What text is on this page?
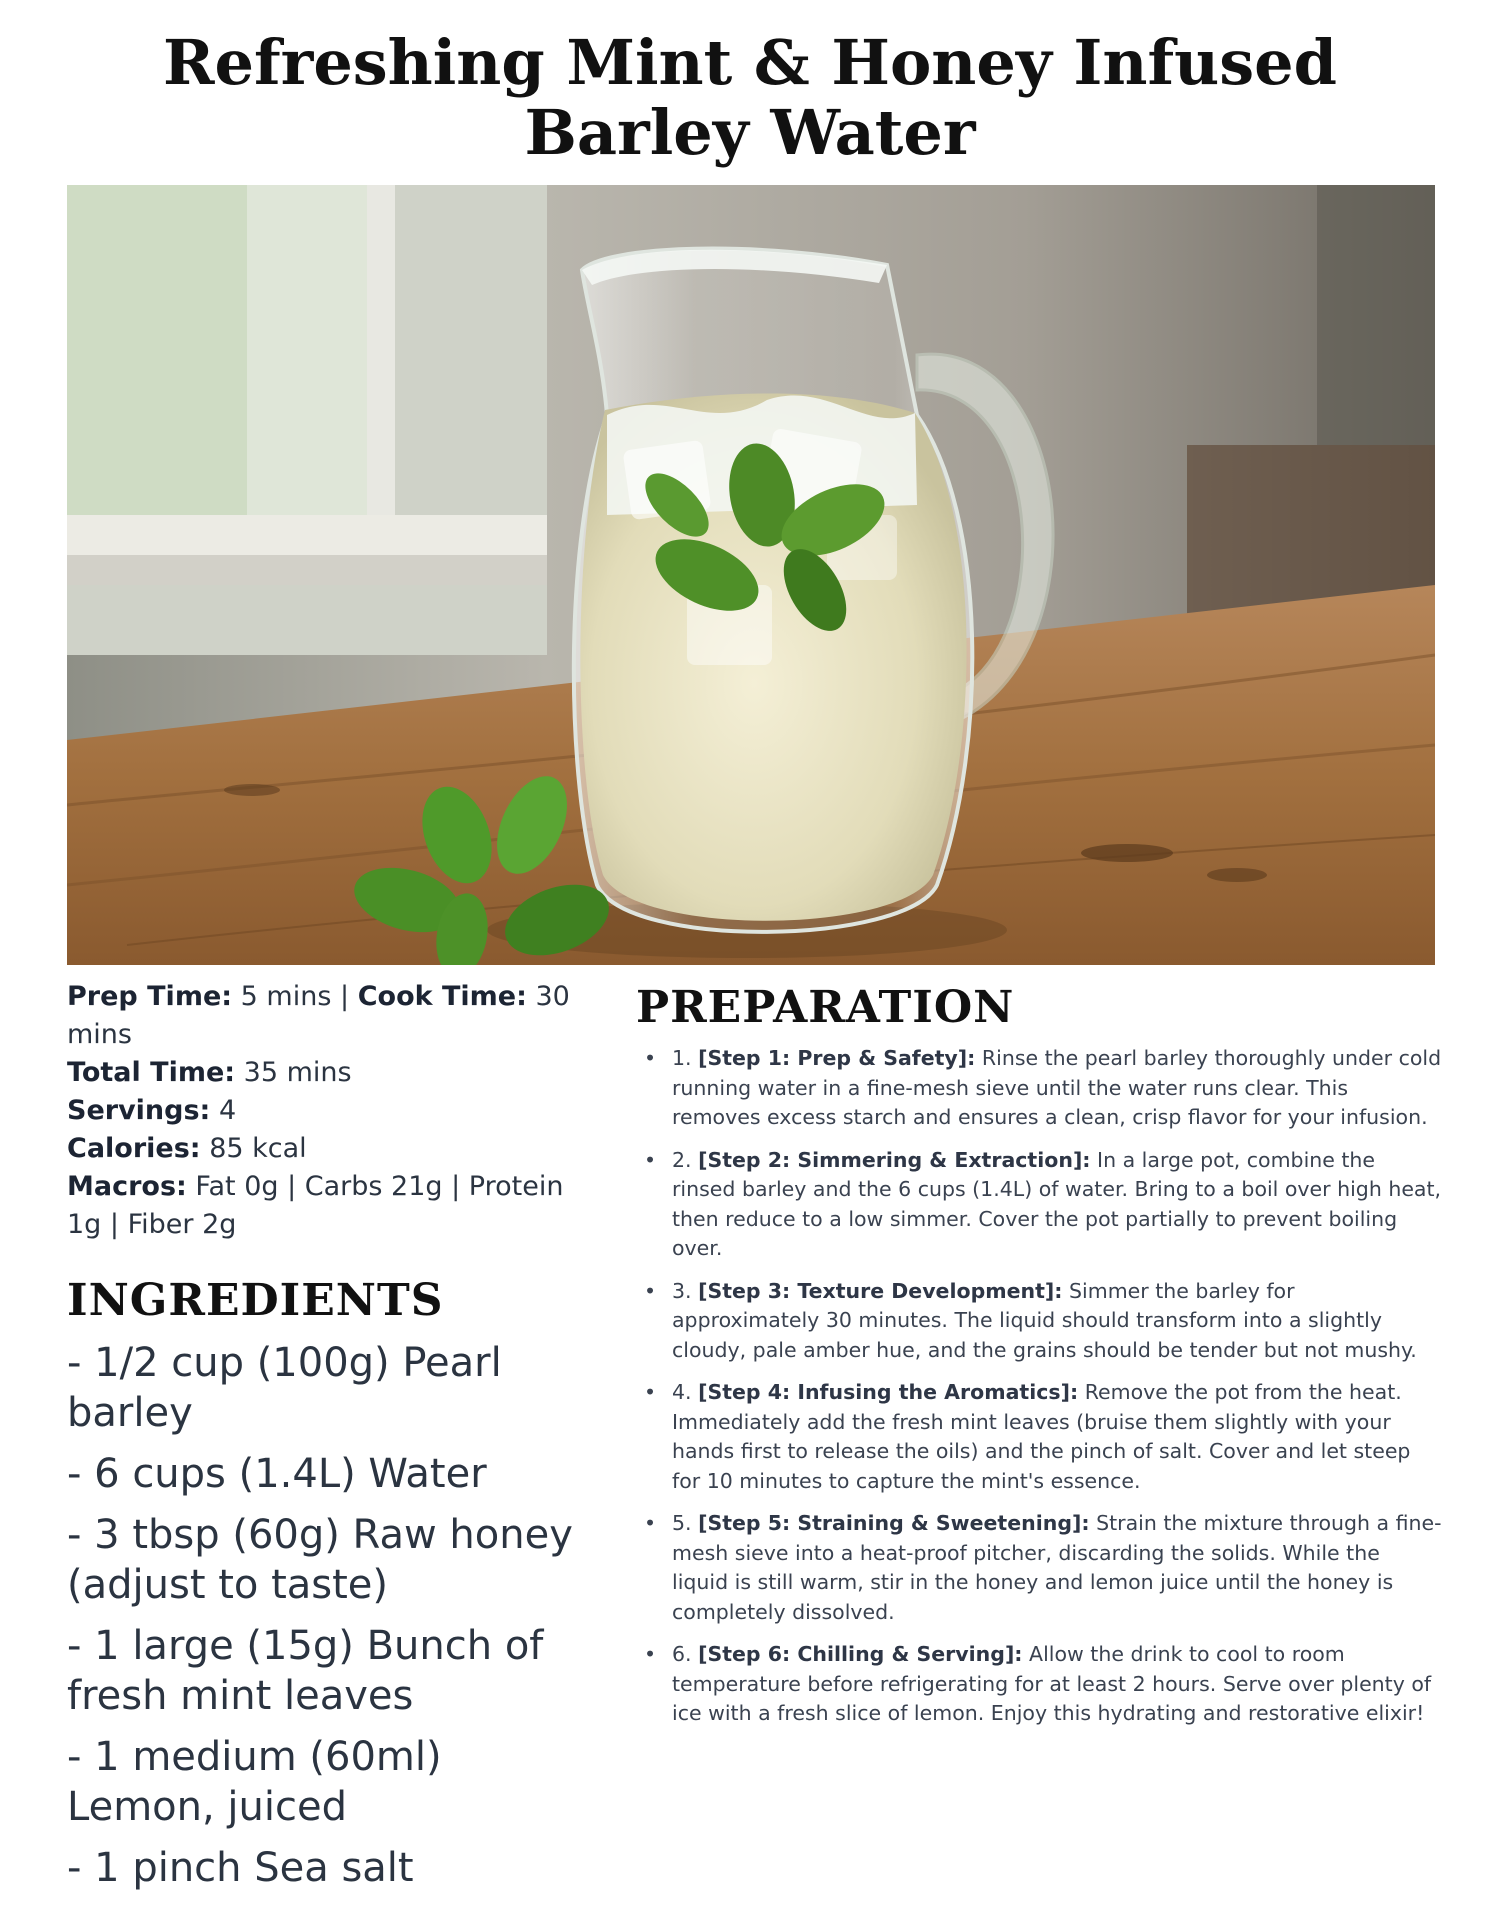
Refreshing Mint & Honey Infused Barley Water

Prep Time: 5 mins | Cook Time: 30 mins

Total Time: 35 mins

Servings: 4

Calories: 85 kcal

Macros: Fat 0g | Carbs 21g | Protein 1g | Fiber 2g

INGREDIENTS
- 1/2 cup (100g) Pearl barley
- 6 cups (1.4L) Water
- 3 tbsp (60g) Raw honey (adjust to taste)
- 1 large (15g) Bunch of fresh mint leaves
- 1 medium (60ml) Lemon, juiced
- 1 pinch Sea salt
PREPARATION
• 1. [Step 1: Prep & Safety]: Rinse the pearl barley thoroughly under cold running water in a fine-mesh sieve until the water runs clear. This removes excess starch and ensures a clean, crisp flavor for your infusion.
• 2. [Step 2: Simmering & Extraction]: In a large pot, combine the rinsed barley and the 6 cups (1.4L) of water. Bring to a boil over high heat, then reduce to a low simmer. Cover the pot partially to prevent boiling over.
• 3. [Step 3: Texture Development]: Simmer the barley for approximately 30 minutes. The liquid should transform into a slightly cloudy, pale amber hue, and the grains should be tender but not mushy.
• 4. [Step 4: Infusing the Aromatics]: Remove the pot from the heat. Immediately add the fresh mint leaves (bruise them slightly with your hands first to release the oils) and the pinch of salt. Cover and let steep for 10 minutes to capture the mint's essence.
• 5. [Step 5: Straining & Sweetening]: Strain the mixture through a fine-mesh sieve into a heat-proof pitcher, discarding the solids. While the liquid is still warm, stir in the honey and lemon juice until the honey is completely dissolved.
• 6. [Step 6: Chilling & Serving]: Allow the drink to cool to room temperature before refrigerating for at least 2 hours. Serve over plenty of ice with a fresh slice of lemon. Enjoy this hydrating and restorative elixir!
